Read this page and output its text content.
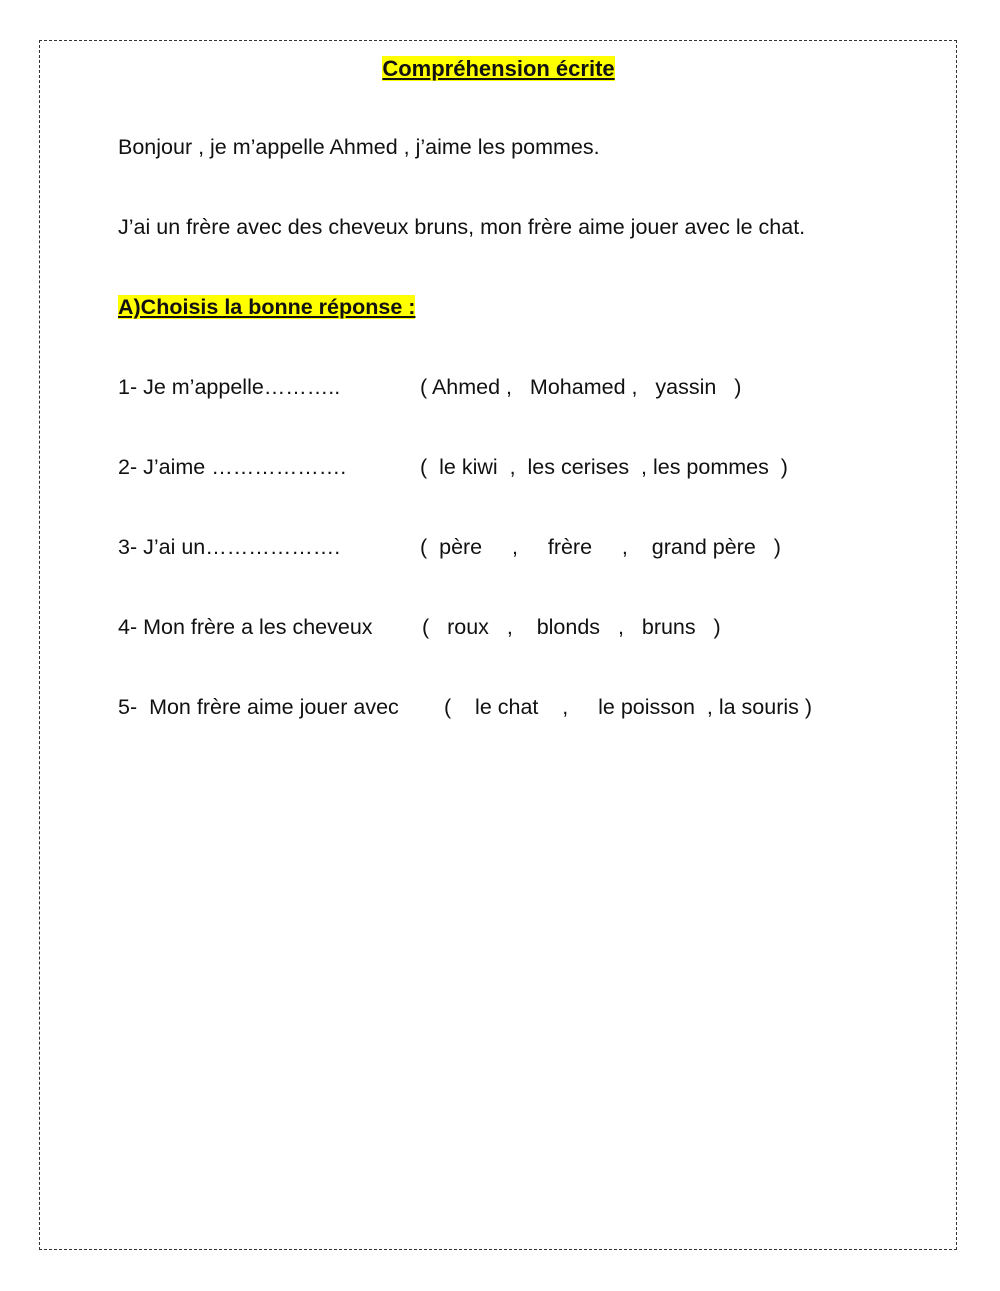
Compréhension écrite
Bonjour , je m’appelle Ahmed , j’aime les pommes.
J’ai un frère avec des cheveux bruns, mon frère aime jouer avec le chat.
A)Choisis la bonne réponse :
1- Je m’appelle………..	( Ahmed ,   Mohamed ,   yassin   )
2- J’aime ……………….	(  le kiwi  ,  les cerises  , les pommes  )
3- J’ai un……………….	(  père     ,     frère     ,    grand père   )
4- Mon frère a les cheveux (   roux   ,    blonds   ,   bruns   )
5-  Mon frère aime jouer avec (    le chat    ,     le poisson  , la souris )
